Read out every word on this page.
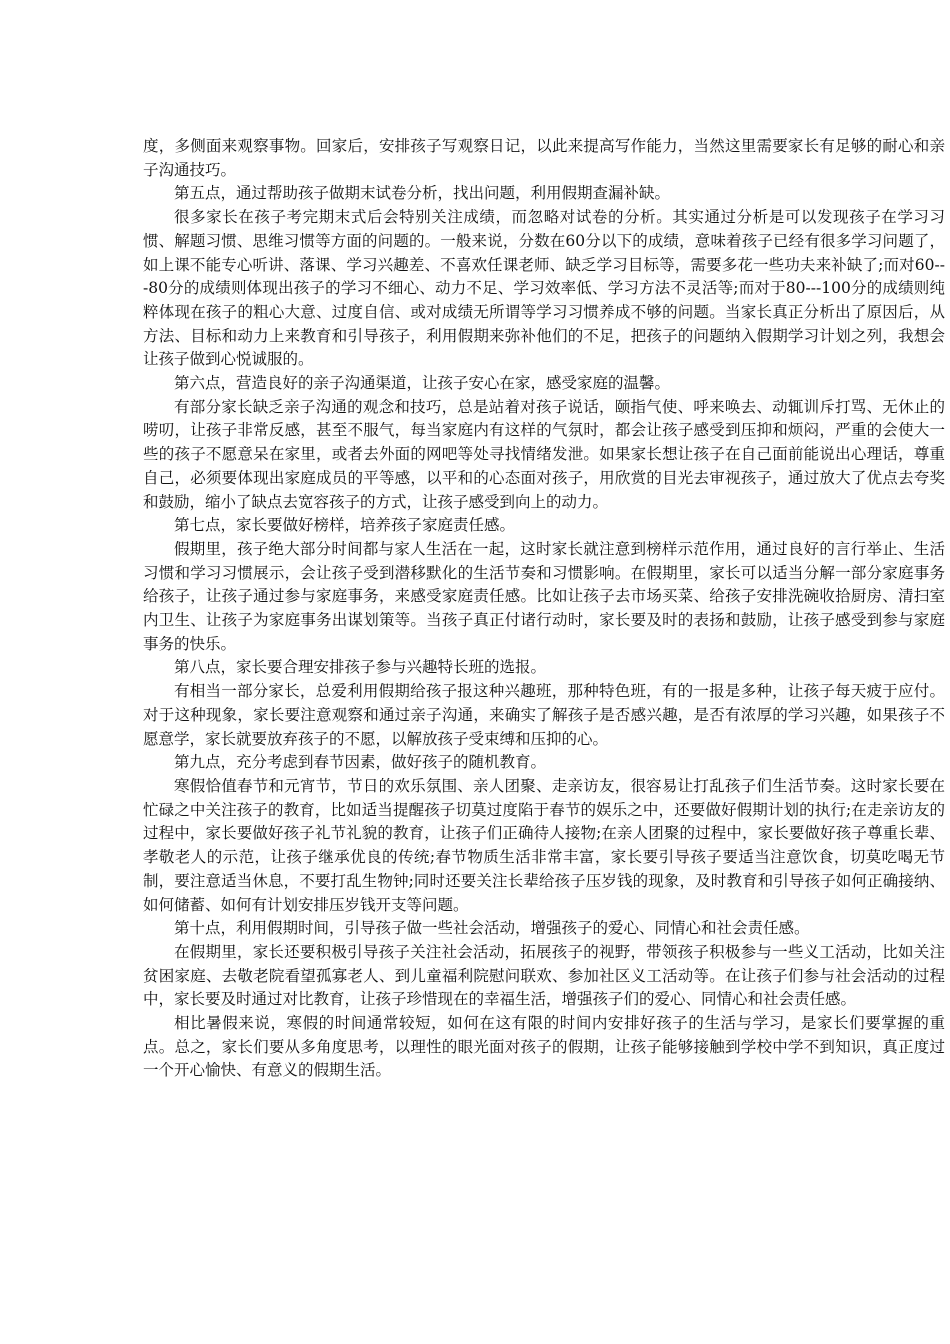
度，多侧面来观察事物。回家后，安排孩子写观察日记，以此来提高写作能力，当然这里需要家长有足够的耐心和亲子沟通技巧。

第五点，通过帮助孩子做期末试卷分析，找出问题，利用假期查漏补缺。

很多家长在孩子考完期末式后会特别关注成绩，而忽略对试卷的分析。其实通过分析是可以发现孩子在学习习惯、解题习惯、思维习惯等方面的问题的。一般来说，分数在60分以下的成绩，意味着孩子已经有很多学习问题了，如上课不能专心听讲、落课、学习兴趣差、不喜欢任课老师、缺乏学习目标等，需要多花一些功夫来补缺了;而对60---80分的成绩则体现出孩子的学习不细心、动力不足、学习效率低、学习方法不灵活等;而对于80---100分的成绩则纯粹体现在孩子的粗心大意、过度自信、或对成绩无所谓等学习习惯养成不够的问题。当家长真正分析出了原因后，从方法、目标和动力上来教育和引导孩子，利用假期来弥补他们的不足，把孩子的问题纳入假期学习计划之列，我想会让孩子做到心悦诚服的。

第六点，营造良好的亲子沟通渠道，让孩子安心在家，感受家庭的温馨。

有部分家长缺乏亲子沟通的观念和技巧，总是站着对孩子说话，颐指气使、呼来唤去、动辄训斥打骂、无休止的唠叨，让孩子非常反感，甚至不服气，每当家庭内有这样的气氛时，都会让孩子感受到压抑和烦闷，严重的会使大一些的孩子不愿意呆在家里，或者去外面的网吧等处寻找情绪发泄。如果家长想让孩子在自己面前能说出心理话，尊重自己，必须要体现出家庭成员的平等感，以平和的心态面对孩子，用欣赏的目光去审视孩子，通过放大了优点去夸奖和鼓励，缩小了缺点去宽容孩子的方式，让孩子感受到向上的动力。

第七点，家长要做好榜样，培养孩子家庭责任感。

假期里，孩子绝大部分时间都与家人生活在一起，这时家长就注意到榜样示范作用，通过良好的言行举止、生活习惯和学习习惯展示，会让孩子受到潜移默化的生活节奏和习惯影响。在假期里，家长可以适当分解一部分家庭事务给孩子，让孩子通过参与家庭事务，来感受家庭责任感。比如让孩子去市场买菜、给孩子安排洗碗收拾厨房、清扫室内卫生、让孩子为家庭事务出谋划策等。当孩子真正付诸行动时，家长要及时的表扬和鼓励，让孩子感受到参与家庭事务的快乐。

第八点，家长要合理安排孩子参与兴趣特长班的选报。

有相当一部分家长，总爱利用假期给孩子报这种兴趣班，那种特色班，有的一报是多种，让孩子每天疲于应付。对于这种现象，家长要注意观察和通过亲子沟通，来确实了解孩子是否感兴趣，是否有浓厚的学习兴趣，如果孩子不愿意学，家长就要放弃孩子的不愿，以解放孩子受束缚和压抑的心。

第九点，充分考虑到春节因素，做好孩子的随机教育。

寒假恰值春节和元宵节，节日的欢乐氛围、亲人团聚、走亲访友，很容易让打乱孩子们生活节奏。这时家长要在忙碌之中关注孩子的教育，比如适当提醒孩子切莫过度陷于春节的娱乐之中，还要做好假期计划的执行;在走亲访友的过程中，家长要做好孩子礼节礼貌的教育，让孩子们正确待人接物;在亲人团聚的过程中，家长要做好孩子尊重长辈、孝敬老人的示范，让孩子继承优良的传统;春节物质生活非常丰富，家长要引导孩子要适当注意饮食，切莫吃喝无节制，要注意适当休息，不要打乱生物钟;同时还要关注长辈给孩子压岁钱的现象，及时教育和引导孩子如何正确接纳、如何储蓄、如何有计划安排压岁钱开支等问题。

第十点，利用假期时间，引导孩子做一些社会活动，增强孩子的爱心、同情心和社会责任感。

在假期里，家长还要积极引导孩子关注社会活动，拓展孩子的视野，带领孩子积极参与一些义工活动，比如关注贫困家庭、去敬老院看望孤寡老人、到儿童福利院慰问联欢、参加社区义工活动等。在让孩子们参与社会活动的过程中，家长要及时通过对比教育，让孩子珍惜现在的幸福生活，增强孩子们的爱心、同情心和社会责任感。

相比暑假来说，寒假的时间通常较短，如何在这有限的时间内安排好孩子的生活与学习，是家长们要掌握的重点。总之，家长们要从多角度思考，以理性的眼光面对孩子的假期，让孩子能够接触到学校中学不到知识，真正度过一个开心愉快、有意义的假期生活。
